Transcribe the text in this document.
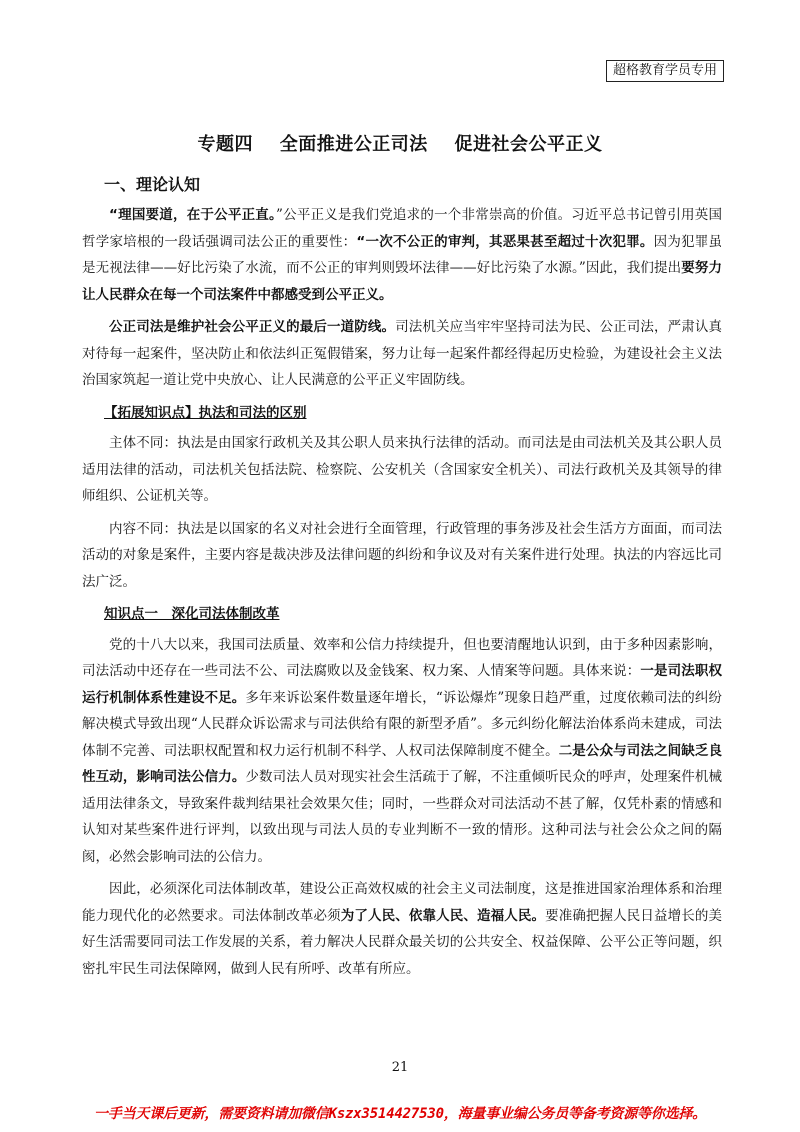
超格教育学员专用
专题四 全面推进公正司法 促进社会公平正义
一、理论认知

“理国要道，在于公平正直。”公平正义是我们党追求的一个非常崇高的价值。习近平总书记曾引用英国哲学家培根的一段话强调司法公正的重要性：“一次不公正的审判，其恶果甚至超过十次犯罪。因为犯罪虽是无视法律——好比污染了水流，而不公正的审判则毁坏法律——好比污染了水源。”因此，我们提出要努力让人民群众在每一个司法案件中都感受到公平正义。

公正司法是维护社会公平正义的最后一道防线。司法机关应当牢牢坚持司法为民、公正司法，严肃认真对待每一起案件，坚决防止和依法纠正冤假错案，努力让每一起案件都经得起历史检验，为建设社会主义法治国家筑起一道让党中央放心、让人民满意的公平正义牢固防线。

【拓展知识点】执法和司法的区别

主体不同：执法是由国家行政机关及其公职人员来执行法律的活动。而司法是由司法机关及其公职人员适用法律的活动，司法机关包括法院、检察院、公安机关（含国家安全机关）、司法行政机关及其领导的律师组织、公证机关等。

内容不同：执法是以国家的名义对社会进行全面管理，行政管理的事务涉及社会生活方方面面，而司法活动的对象是案件，主要内容是裁决涉及法律问题的纠纷和争议及对有关案件进行处理。执法的内容远比司法广泛。

知识点一　深化司法体制改革

党的十八大以来，我国司法质量、效率和公信力持续提升，但也要清醒地认识到，由于多种因素影响，司法活动中还存在一些司法不公、司法腐败以及金钱案、权力案、人情案等问题。具体来说：一是司法职权运行机制体系性建设不足。多年来诉讼案件数量逐年增长，“诉讼爆炸”现象日趋严重，过度依赖司法的纠纷解决模式导致出现“人民群众诉讼需求与司法供给有限的新型矛盾”。多元纠纷化解法治体系尚未建成，司法体制不完善、司法职权配置和权力运行机制不科学、人权司法保障制度不健全。二是公众与司法之间缺乏良性互动，影响司法公信力。少数司法人员对现实社会生活疏于了解，不注重倾听民众的呼声，处理案件机械适用法律条文，导致案件裁判结果社会效果欠佳；同时，一些群众对司法活动不甚了解，仅凭朴素的情感和认知对某些案件进行评判，以致出现与司法人员的专业判断不一致的情形。这种司法与社会公众之间的隔阂，必然会影响司法的公信力。

因此，必须深化司法体制改革，建设公正高效权威的社会主义司法制度，这是推进国家治理体系和治理能力现代化的必然要求。司法体制改革必须为了人民、依靠人民、造福人民。要准确把握人民日益增长的美好生活需要同司法工作发展的关系，着力解决人民群众最关切的公共安全、权益保障、公平公正等问题，织密扎牢民生司法保障网，做到人民有所呼、改革有所应。

21
一手当天课后更新，需要资料请加微信Kszx3514427530，海量事业编公务员等备考资源等你选择。
